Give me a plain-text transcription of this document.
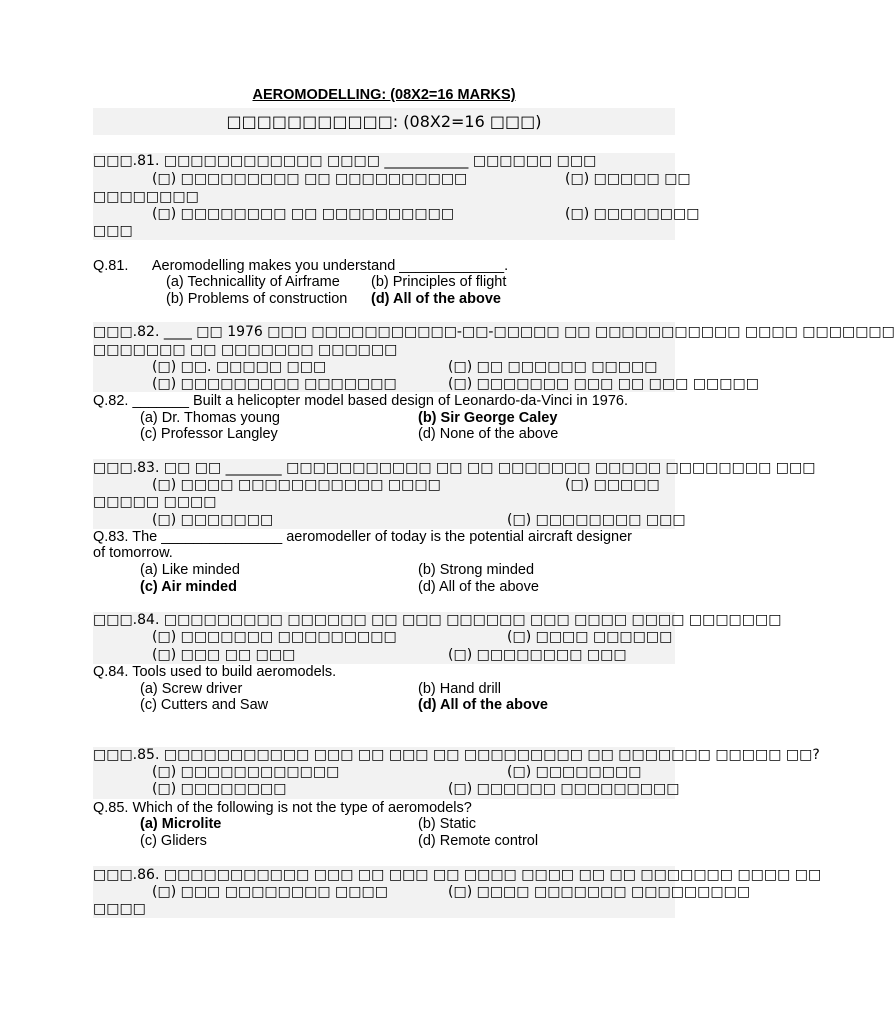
AEROMODELLING: (08X2=16 MARKS)
□□□□□□□□□□□: (08X2=16 □□□)
□□□.81. □□□□□□□□□□□□ □□□□ ____________ □□□□□□ □□□
(□) □□□□□□□□□ □□ □□□□□□□□□□	(□) □□□□□ □□
□□□□□□□□
(□) □□□□□□□□ □□ □□□□□□□□□□	(□) □□□□□□□□
□□□
Q.81.      Aeromodelling makes you understand _____________.
(a) Technicallity of Airframe (b) Principles of flight
(b) Problems of construction (d) All of the above
□□□.82. ____ □□ 1976 □□□ □□□□□□□□□□□-□□-□□□□□ □□ □□□□□□□□□□□ □□□□ □□□□□□□
□□□□□□□ □□ □□□□□□□ □□□□□□
(□) □□. □□□□□ □□□	(□) □□ □□□□□□ □□□□□
(□) □□□□□□□□□ □□□□□□□	(□) □□□□□□□ □□□ □□ □□□ □□□□□
Q.82. _______ Built a helicopter model based design of Leonardo-da-Vinci in 1976.
(a) Dr. Thomas young	(b) Sir George Caley
(c) Professor Langley	(d) None of the above
□□□.83. □□ □□ ________ □□□□□□□□□□□ □□ □□ □□□□□□□ □□□□□ □□□□□□□□ □□□
(□) □□□□ □□□□□□□□□□□ □□□□	(□) □□□□□
□□□□□ □□□□
(□) □□□□□□□	(□) □□□□□□□□ □□□
Q.83. The _______________ aeromodeller of today is the potential aircraft designer
of tomorrow.
(a) Like minded	(b) Strong minded
(c) Air minded	(d) All of the above
□□□.84. □□□□□□□□□ □□□□□□ □□ □□□ □□□□□□ □□□ □□□□ □□□□ □□□□□□□
(□) □□□□□□□ □□□□□□□□□	(□) □□□□ □□□□□□
(□) □□□ □□ □□□	(□) □□□□□□□□ □□□
Q.84. Tools used to build aeromodels.
(a) Screw driver	(b) Hand drill
(c) Cutters and Saw	(d) All of the above
□□□.85. □□□□□□□□□□□ □□□ □□ □□□ □□ □□□□□□□□□ □□ □□□□□□□ □□□□□ □□?
(□) □□□□□□□□□□□□	(□) □□□□□□□□
(□) □□□□□□□□	(□) □□□□□□ □□□□□□□□□
Q.85. Which of the following is not the type of aeromodels?
(a) Microlite	(b) Static
(c) Gliders	(d) Remote control
□□□.86. □□□□□□□□□□□ □□□ □□ □□□ □□ □□□□ □□□□ □□ □□ □□□□□□□ □□□□ □□
(□) □□□ □□□□□□□□ □□□□	(□) □□□□ □□□□□□□ □□□□□□□□□
□□□□
